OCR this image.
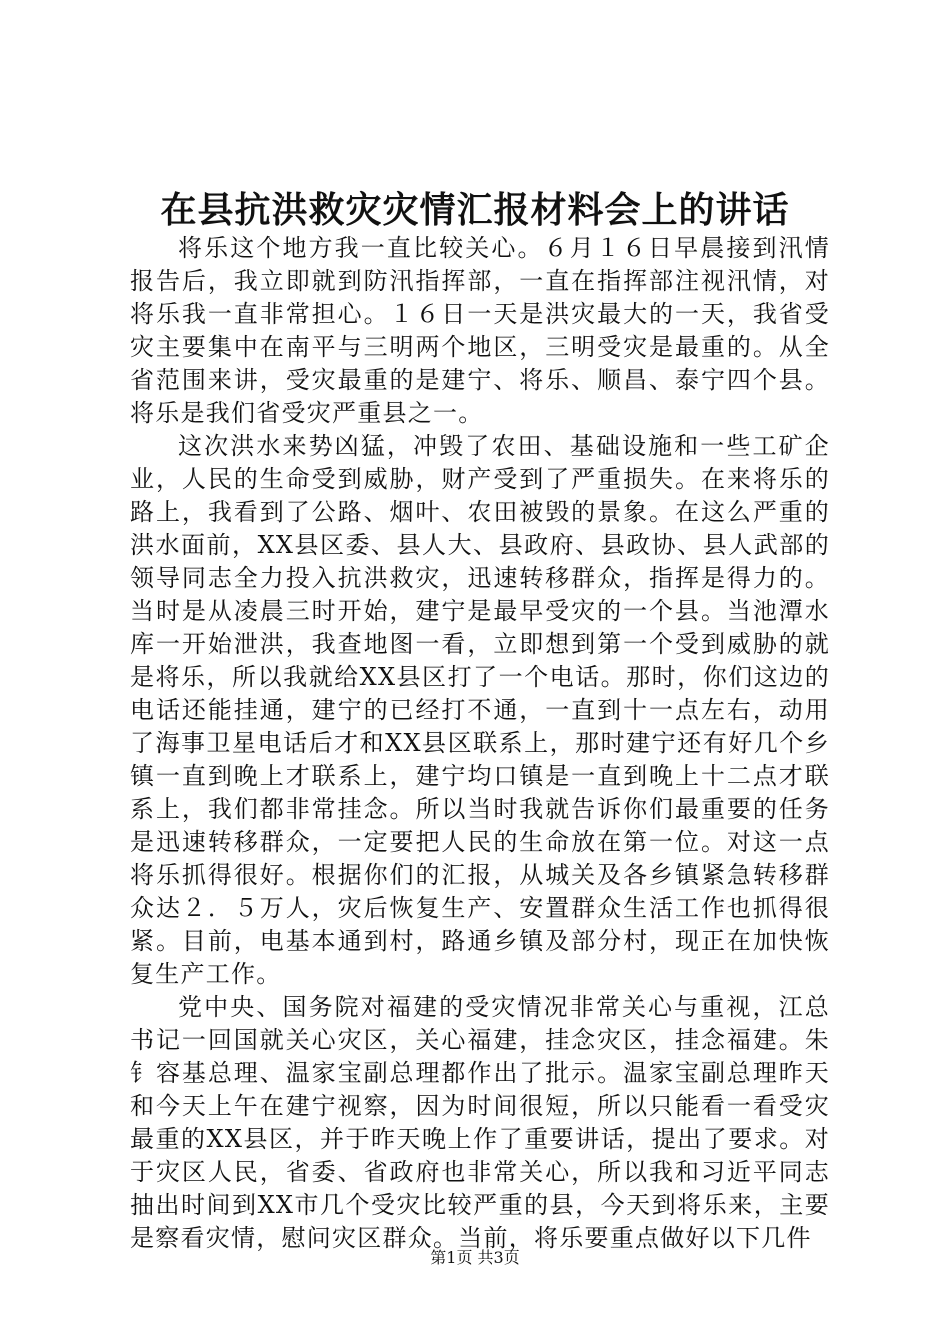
在县抗洪救灾灾情汇报材料会上的讲话

将乐这个地方我一直比较关心。６月１６日早晨接到汛情报告后，我立即就到防汛指挥部，一直在指挥部注视汛情，对将乐我一直非常担心。１６日一天是洪灾最大的一天，我省受灾主要集中在南平与三明两个地区，三明受灾是最重的。从全省范围来讲，受灾最重的是建宁、将乐、顺昌、泰宁四个县。将乐是我们省受灾严重县之一。

这次洪水来势凶猛，冲毁了农田、基础设施和一些工矿企业，人民的生命受到威胁，财产受到了严重损失。在来将乐的路上，我看到了公路、烟叶、农田被毁的景象。在这么严重的洪水面前，XX县区委、县人大、县政府、县政协、县人武部的领导同志全力投入抗洪救灾，迅速转移群众，指挥是得力的。当时是从凌晨三时开始，建宁是最早受灾的一个县。当池潭水库一开始泄洪，我查地图一看，立即想到第一个受到威胁的就是将乐，所以我就给XX县区打了一个电话。那时，你们这边的电话还能挂通，建宁的已经打不通，一直到十一点左右，动用了海事卫星电话后才和XX县区联系上，那时建宁还有好几个乡镇一直到晚上才联系上，建宁均口镇是一直到晚上十二点才联系上，我们都非常挂念。所以当时我就告诉你们最重要的任务是迅速转移群众，一定要把人民的生命放在第一位。对这一点将乐抓得很好。根据你们的汇报，从城关及各乡镇紧急转移群众达２．５万人，灾后恢复生产、安置群众生活工作也抓得很紧。目前，电基本通到村，路通乡镇及部分村，现正在加快恢复生产工作。

党中央、国务院对福建的受灾情况非常关心与重视，江总书记一回国就关心灾区，关心福建，挂念灾区，挂念福建。朱钅容基总理、温家宝副总理都作出了批示。温家宝副总理昨天和今天上午在建宁视察，因为时间很短，所以只能看一看受灾最重的XX县区，并于昨天晚上作了重要讲话，提出了要求。对于灾区人民，省委、省政府也非常关心，所以我和习近平同志抽出时间到XX市几个受灾比较严重的县，今天到将乐来，主要是察看灾情，慰问灾区群众。当前，将乐要重点做好以下几件

第1页 共3页
